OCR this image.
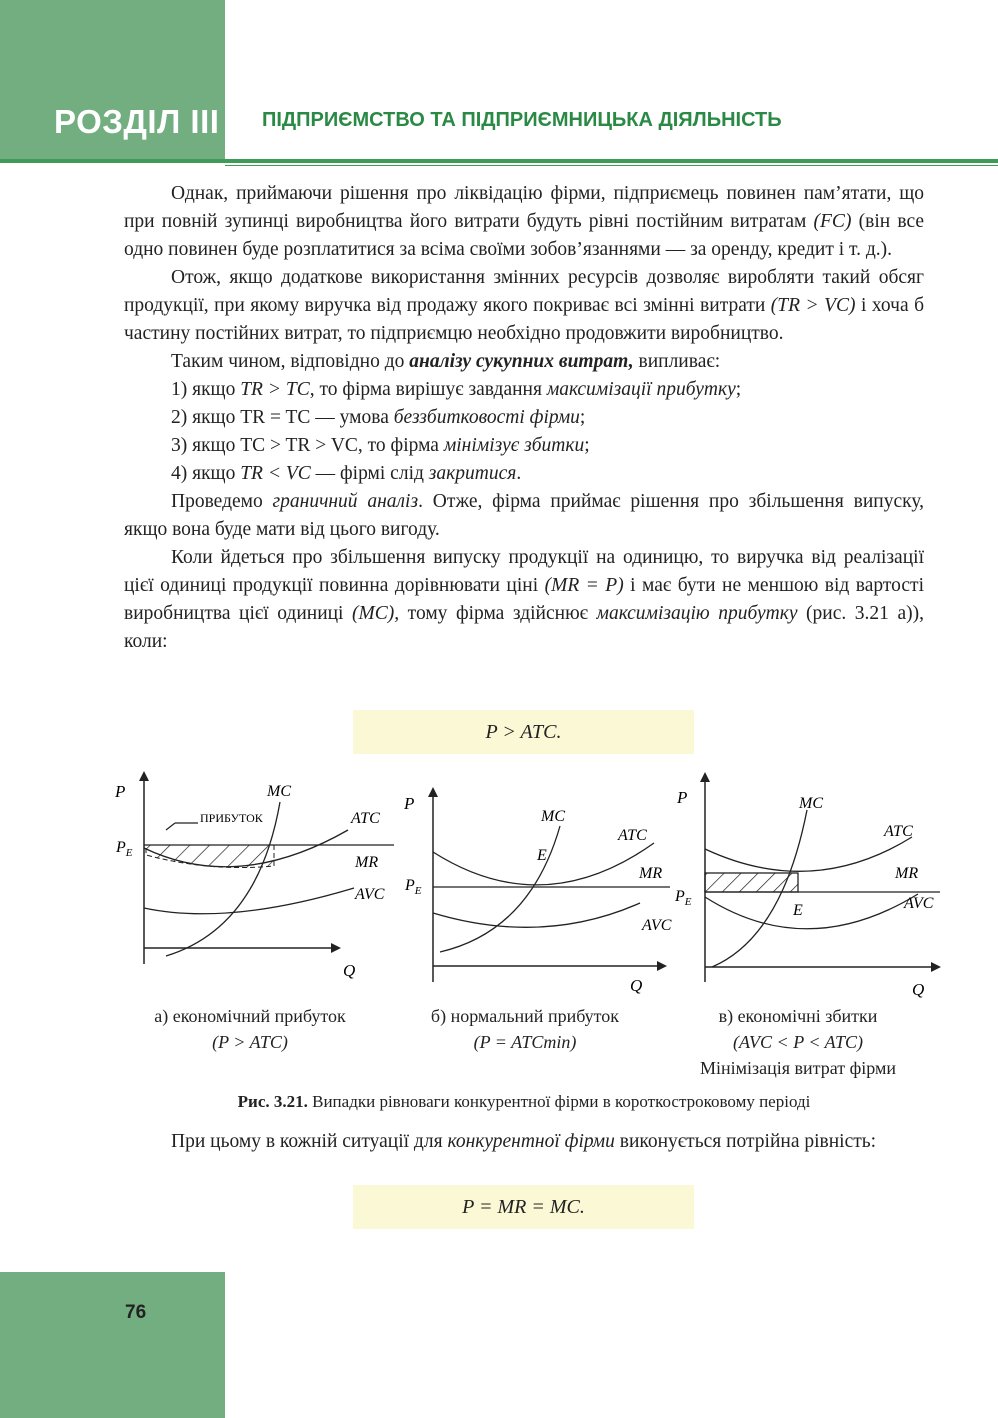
РОЗДІЛ III ПІДПРИЄМСТВО ТА ПІДПРИЄМНИЦЬКА ДІЯЛЬНІСТЬ

Однак, приймаючи рішення про ліквідацію фірми, підприємець повинен пам’ятати, що при повній зупинці виробництва його витрати будуть рівні постійним витратам (FC) (він все одно повинен буде розплатитися за всіма своїми зобов’язаннями — за оренду, кредит і т. д.).

Отож, якщо додаткове використання змінних ресурсів дозволяє виробляти такий обсяг продукції, при якому виручка від продажу якого покриває всі змінні витрати (TR > VC) і хоча б частину постійних витрат, то підприємцю необхідно продовжити виробництво.

Таким чином, відповідно до аналізу сукупних витрат, випливає:

1) якщо TR > TC, то фірма вирішує завдання максимізації прибутку;

2) якщо TR = TC — умова беззбитковості фірми;

3) якщо TC > TR > VC, то фірма мінімізує збитки;

4) якщо TR < VC — фірмі слід закритися.

Проведемо граничний аналіз. Отже, фірма приймає рішення про збільшення випуску, якщо вона буде мати від цього вигоду.

Коли йдеться про збільшення випуску продукції на одиницю, то виручка від реалізації цієї одиниці продукції повинна дорівнювати ціні (MR = P) і має бути не меншою від вартості виробництва цієї одиниці (MC), тому фірма здійснює максимізацію прибутку (рис. 3.21 а)), коли:

P > ATC.
P
Q
MC
ATC
MR
AVC
ПРИБУТОК
$P_E$
P
Q
MC
ATC
MR
AVC
E
$P_E$
P
Q
MC
ATC
MR
AVC
E
$P_E$
а) економічний прибуток
(P > ATC)
б) нормальний прибуток
(P = ATCmin)
в) економічні збитки
(AVC < P < ATC)
Мінімізація витрат фірми
Рис. 3.21. Випадки рівноваги конкурентної фірми в короткостроковому періоді

При цьому в кожній ситуації для конкурентної фірми виконується потрійна рівність:

P = MR = MC.
76
